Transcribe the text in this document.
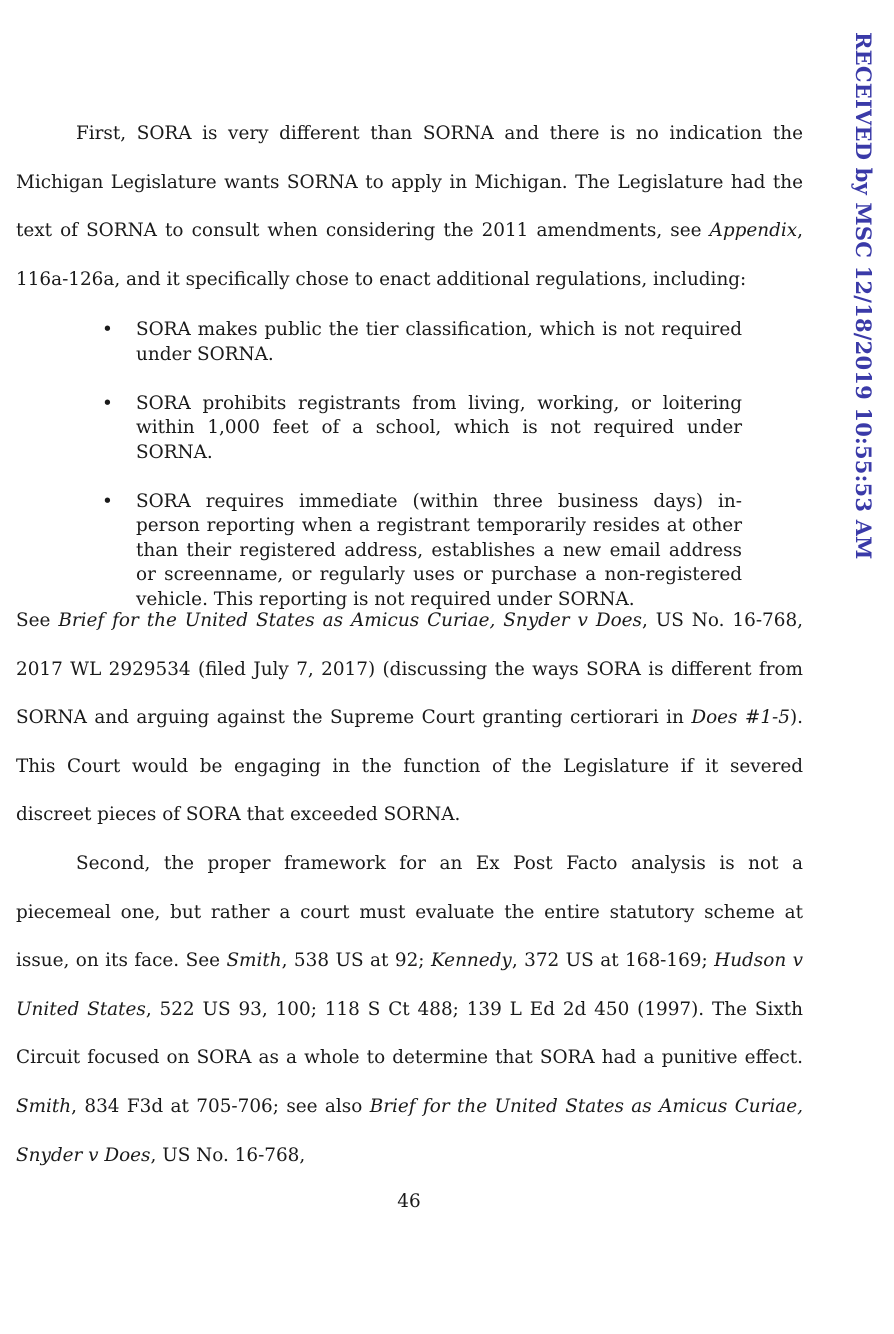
First, SORA is very different than SORNA and there is no indication the Michigan Legislature wants SORNA to apply in Michigan. The Legislature had the text of SORNA to consult when considering the 2011 amendments, see Appendix, 116a-126a, and it specifically chose to enact additional regulations, including:

• SORA makes public the tier classification, which is not required under SORNA.
• SORA prohibits registrants from living, working, or loitering within 1,000 feet of a school, which is not required under SORNA.
• SORA requires immediate (within three business days) in-person reporting when a registrant temporarily resides at other than their registered address, establishes a new email address or screenname, or regularly uses or purchase a non-registered vehicle. This reporting is not required under SORNA.

See Brief for the United States as Amicus Curiae, Snyder v Does, US No. 16-768, 2017 WL 2929534 (filed July 7, 2017) (discussing the ways SORA is different from SORNA and arguing against the Supreme Court granting certiorari in Does #1-5). This Court would be engaging in the function of the Legislature if it severed discreet pieces of SORA that exceeded SORNA.

Second, the proper framework for an Ex Post Facto analysis is not a piecemeal one, but rather a court must evaluate the entire statutory scheme at issue, on its face. See Smith, 538 US at 92; Kennedy, 372 US at 168-169; Hudson v United States, 522 US 93, 100; 118 S Ct 488; 139 L Ed 2d 450 (1997). The Sixth Circuit focused on SORA as a whole to determine that SORA had a punitive effect. Smith, 834 F3d at 705-706; see also Brief for the United States as Amicus Curiae, Snyder v Does, US No. 16-768,

46
RECEIVED by MSC 12/18/2019 10:55:53 AM
